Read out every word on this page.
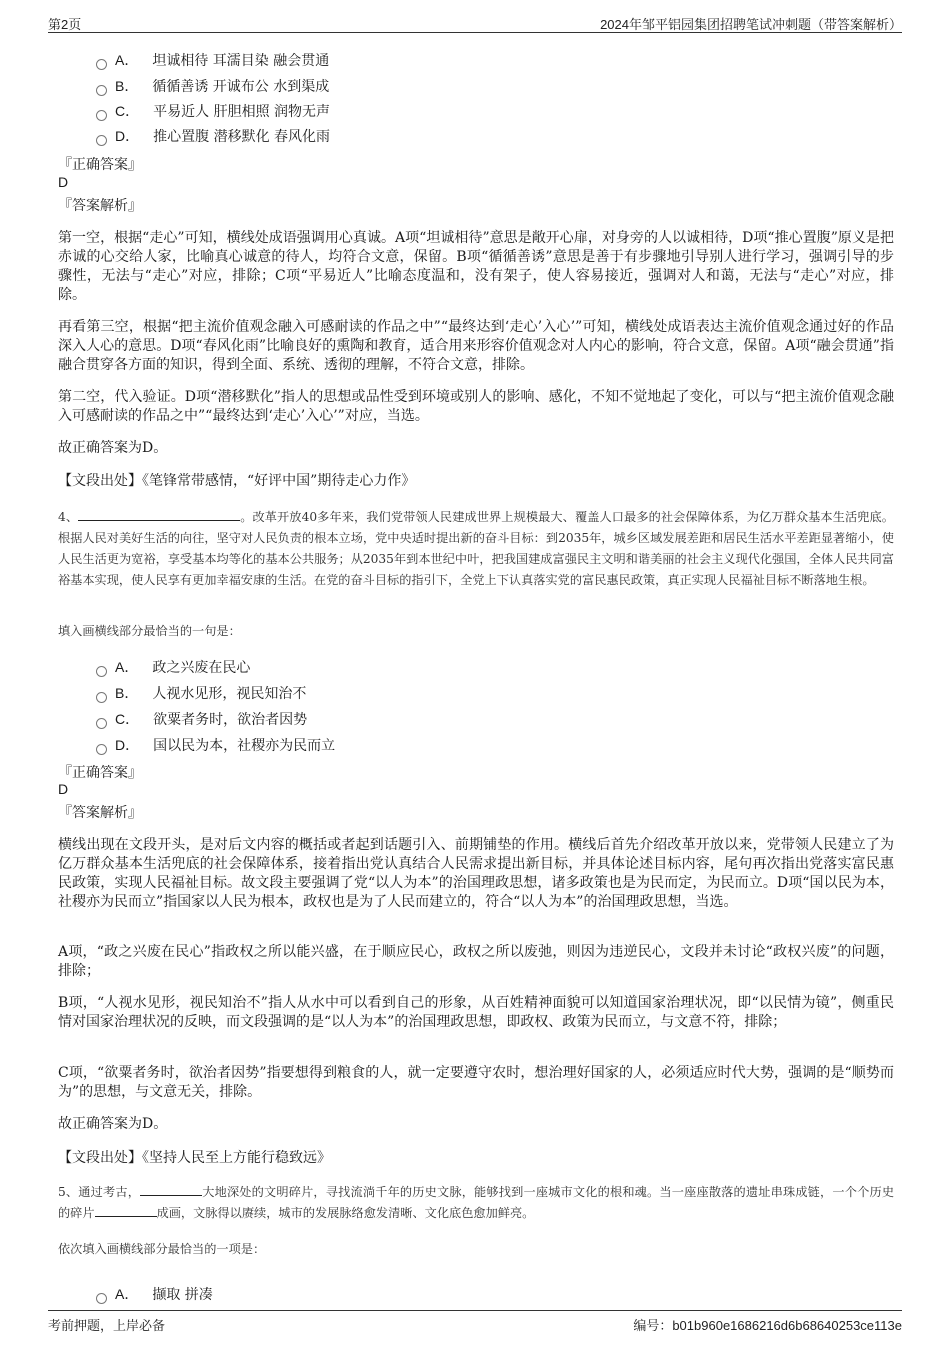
第2页	2024年邹平铝园集团招聘笔试冲刺题（带答案解析）
A． 坦诚相待 耳濡目染 融会贯通
B． 循循善诱 开诚布公 水到渠成
C． 平易近人 肝胆相照 润物无声
D． 推心置腹 潜移默化 春风化雨
『正确答案』
D
『答案解析』

第一空，根据“走心”可知，横线处成语强调用心真诚。A项“坦诚相待”意思是敞开心扉，对身旁的人以诚相待，D项“推心置腹”原义是把赤诚的心交给人家，比喻真心诚意的待人，均符合文意，保留。B项“循循善诱”意思是善于有步骤地引导别人进行学习，强调引导的步骤性，无法与“走心”对应，排除；C项“平易近人”比喻态度温和，没有架子，使人容易接近，强调对人和蔼，无法与“走心”对应，排除。

再看第三空，根据“把主流价值观念融入可感耐读的作品之中”“最终达到‘走心’入心’”可知，横线处成语表达主流价值观念通过好的作品深入人心的意思。D项“春风化雨”比喻良好的熏陶和教育，适合用来形容价值观念对人内心的影响，符合文意，保留。A项“融会贯通”指融合贯穿各方面的知识，得到全面、系统、透彻的理解，不符合文意，排除。

第二空，代入验证。D项“潜移默化”指人的思想或品性受到环境或别人的影响、感化，不知不觉地起了变化，可以与“把主流价值观念融入可感耐读的作品之中”“最终达到‘走心’入心’”对应，当选。

故正确答案为D。

【文段出处】《笔锋常带感情，“好评中国”期待走心力作》

4、	。改革开放40多年来，我们党带领人民建成世界上规模最大、覆盖人口最多的社会保障体系，为亿万群众基本生活兜底。根据人民对美好生活的向往，坚守对人民负责的根本立场，党中央适时提出新的奋斗目标：到2035年，城乡区域发展差距和居民生活水平差距显著缩小，使人民生活更为宽裕，享受基本均等化的基本公共服务；从2035年到本世纪中叶，把我国建成富强民主文明和谐美丽的社会主义现代化强国，全体人民共同富裕基本实现，使人民享有更加幸福安康的生活。在党的奋斗目标的指引下，全党上下认真落实党的富民惠民政策，真正实现人民福祉目标不断落地生根。

填入画横线部分最恰当的一句是：
A． 政之兴废在民心
B． 人视水见形，视民知治不
C． 欲粟者务时，欲治者因势
D． 国以民为本，社稷亦为民而立
『正确答案』
D
『答案解析』

横线出现在文段开头，是对后文内容的概括或者起到话题引入、前期铺垫的作用。横线后首先介绍改革开放以来，党带领人民建立了为亿万群众基本生活兜底的社会保障体系，接着指出党认真结合人民需求提出新目标，并具体论述目标内容，尾句再次指出党落实富民惠民政策，实现人民福祉目标。故文段主要强调了党“以人为本”的治国理政思想，诸多政策也是为民而定，为民而立。D项“国以民为本，社稷亦为民而立”指国家以人民为根本，政权也是为了人民而建立的，符合“以人为本”的治国理政思想，当选。

A项，“政之兴废在民心”指政权之所以能兴盛，在于顺应民心，政权之所以废弛，则因为违逆民心，文段并未讨论“政权兴废”的问题，排除；

B项，“人视水见形，视民知治不”指人从水中可以看到自己的形象，从百姓精神面貌可以知道国家治理状况，即“以民情为镜”，侧重民情对国家治理状况的反映，而文段强调的是“以人为本”的治国理政思想，即政权、政策为民而立，与文意不符，排除；

C项，“欲粟者务时，欲治者因势”指要想得到粮食的人，就一定要遵守农时，想治理好国家的人，必须适应时代大势，强调的是“顺势而为”的思想，与文意无关，排除。

故正确答案为D。

【文段出处】《坚持人民至上方能行稳致远》

5、通过考古，	大地深处的文明碎片，寻找流淌千年的历史文脉，能够找到一座城市文化的根和魂。当一座座散落的遗址串珠成链，一个个历史的碎片	成画，文脉得以赓续，城市的发展脉络愈发清晰、文化底色愈加鲜亮。

依次填入画横线部分最恰当的一项是：
A． 撷取 拼凑
考前押题，上岸必备	编号：b01b960e1686216d6b68640253ce113e
